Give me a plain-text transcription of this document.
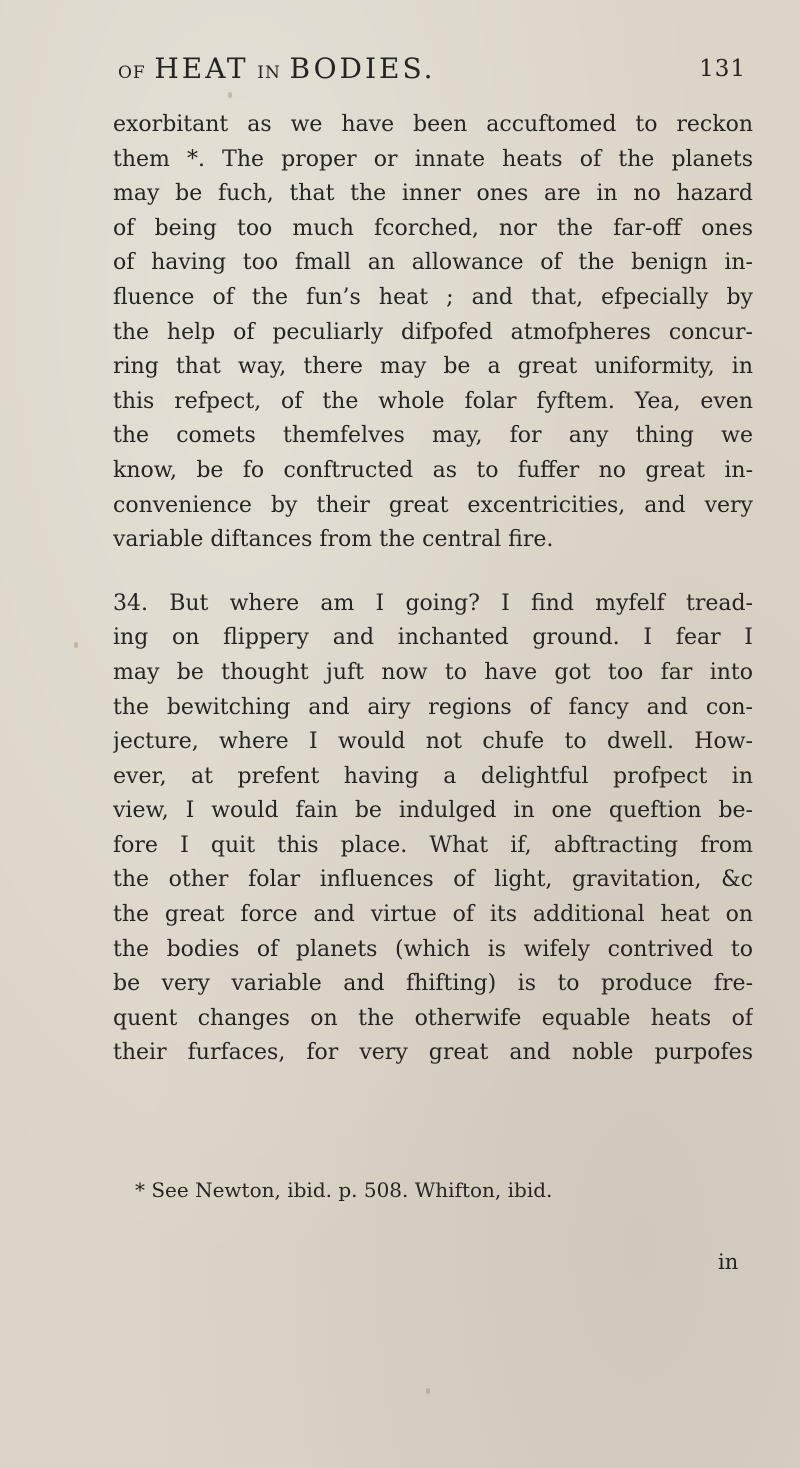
OF HEAT IN BODIES.	131
exorbitant as we have been accuftomed to reckon
them *. The proper or innate heats of the planets
may be fuch, that the inner ones are in no hazard
of being too much fcorched, nor the far-off ones
of having too fmall an allowance of the benign in-
fluence of the fun’s heat ; and that, efpecially by
the help of peculiarly difpofed atmofpheres concur-
ring that way, there may be a great uniformity, in
this refpect, of the whole folar fyftem. Yea, even
the comets themfelves may, for any thing we
know, be fo conftructed as to fuffer no great in-
convenience by their great excentricities, and very
variable diftances from the central fire.
34. But where am I going? I find myfelf tread-
ing on flippery and inchanted ground. I fear I
may be thought juft now to have got too far into
the bewitching and airy regions of fancy and con-
jecture, where I would not chufe to dwell. How-
ever, at prefent having a delightful profpect in
view, I would fain be indulged in one queftion be-
fore I quit this place. What if, abftracting from
the other folar influences of light, gravitation, &c
the great force and virtue of its additional heat on
the bodies of planets (which is wifely contrived to
be very variable and fhifting) is to produce fre-
quent changes on the otherwife equable heats of
their furfaces, for very great and noble purpofes
* See Newton, ibid. p. 508. Whifton, ibid.
in
